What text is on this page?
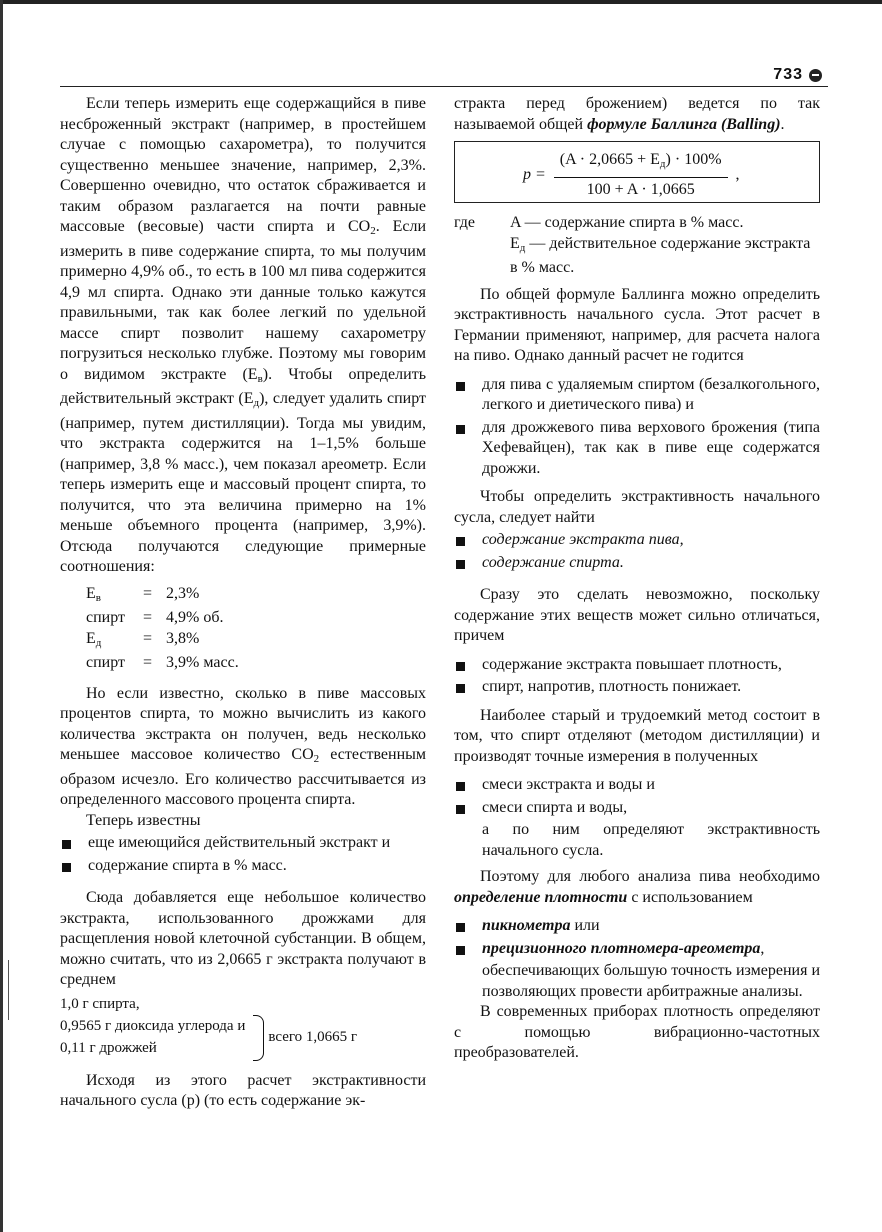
733

Если теперь измерить еще содержащийся в пиве несброженный экстракт (например, в простейшем случае с помощью сахарометра), то получится существенно меньшее значение, например, 2,3%. Совершенно очевидно, что остаток сбраживается и таким образом разлагается на почти равные массовые (весовые) части спирта и $CO_2$. Если измерить в пиве содержание спирта, то мы получим примерно 4,9% об., то есть в 100 мл пива содержится 4,9 мл спирта. Однако эти данные только кажутся правильными, так как более легкий по удельной массе спирт позволит нашему сахарометру погрузиться несколько глубже. Поэтому мы говорим о видимом экстракте $(Е_в)$. Чтобы определить действительный экстракт $(Е_д)$, следует удалить спирт (например, путем дистилляции). Тогда мы увидим, что экстракта содержится на 1–1,5% больше (например, 3,8 % масс.), чем показал ареометр. Если теперь измерить еще и массовый процент спирта, то получится, что эта величина примерно на 1% меньше объемного процента (например, 3,9%). Отсюда получаются следующие примерные соотношения:

$Е_в$	=	2,3%
спирт	=	4,9% об.
$Е_д$	=	3,8%
спирт	=	3,9% масс.

Но если известно, сколько в пиве массовых процентов спирта, то можно вычислить из какого количества экстракта он получен, ведь несколько меньшее массовое количество $CO_2$ естественным образом исчезло. Его количество рассчитывается из определенного массового процента спирта.

Теперь известны

еще имеющийся действительный экстракт и
содержание спирта в % масс.

Сюда добавляется еще небольшое количество экстракта, использованного дрожжами для расщепления новой клеточной субстанции. В общем, можно считать, что из 2,0665 г экстракта получают в среднем

1,0 г спирта,
0,9565 г диоксида углерода и
0,11 г дрожжей
всего 1,0665 г

Исходя из этого расчет экстрактивности начального сусла (р) (то есть содержание эк-

стракта перед брожением) ведется по так называемой общей формуле Баллинга (Balling).

$p = \frac{(A \cdot 2,0665 + E_д) \cdot 100\%}{100 + A \cdot 1,0665}$ ,
где	A — содержание спирта в % масс.
$E_д$ — действительное содержание экстракта в % масс.

По общей формуле Баллинга можно определить экстрактивность начального сусла. Этот расчет в Германии применяют, например, для расчета налога на пиво. Однако данный расчет не годится

для пива с удаляемым спиртом (безалкогольного, легкого и диетического пива) и
для дрожжевого пива верхового брожения (типа Хефевайцен), так как в пиве еще содержатся дрожжи.

Чтобы определить экстрактивность начального сусла, следует найти

содержание экстракта пива,
содержание спирта.

Сразу это сделать невозможно, поскольку содержание этих веществ может сильно отличаться, причем

содержание экстракта повышает плотность,
спирт, напротив, плотность понижает.

Наиболее старый и трудоемкий метод состоит в том, что спирт отделяют (методом дистилляции) и производят точные измерения в полученных

смеси экстракта и воды и
смеси спирта и воды,
а по ним определяют экстрактивность начального сусла.

Поэтому для любого анализа пива необходимо определение плотности с использованием

пикнометра или
прецизионного плотномера-ареометра,
обеспечивающих большую точность измерения и позволяющих провести арбитражные анализы.

В современных приборах плотность определяют с помощью вибрационно-частотных преобразователей.
